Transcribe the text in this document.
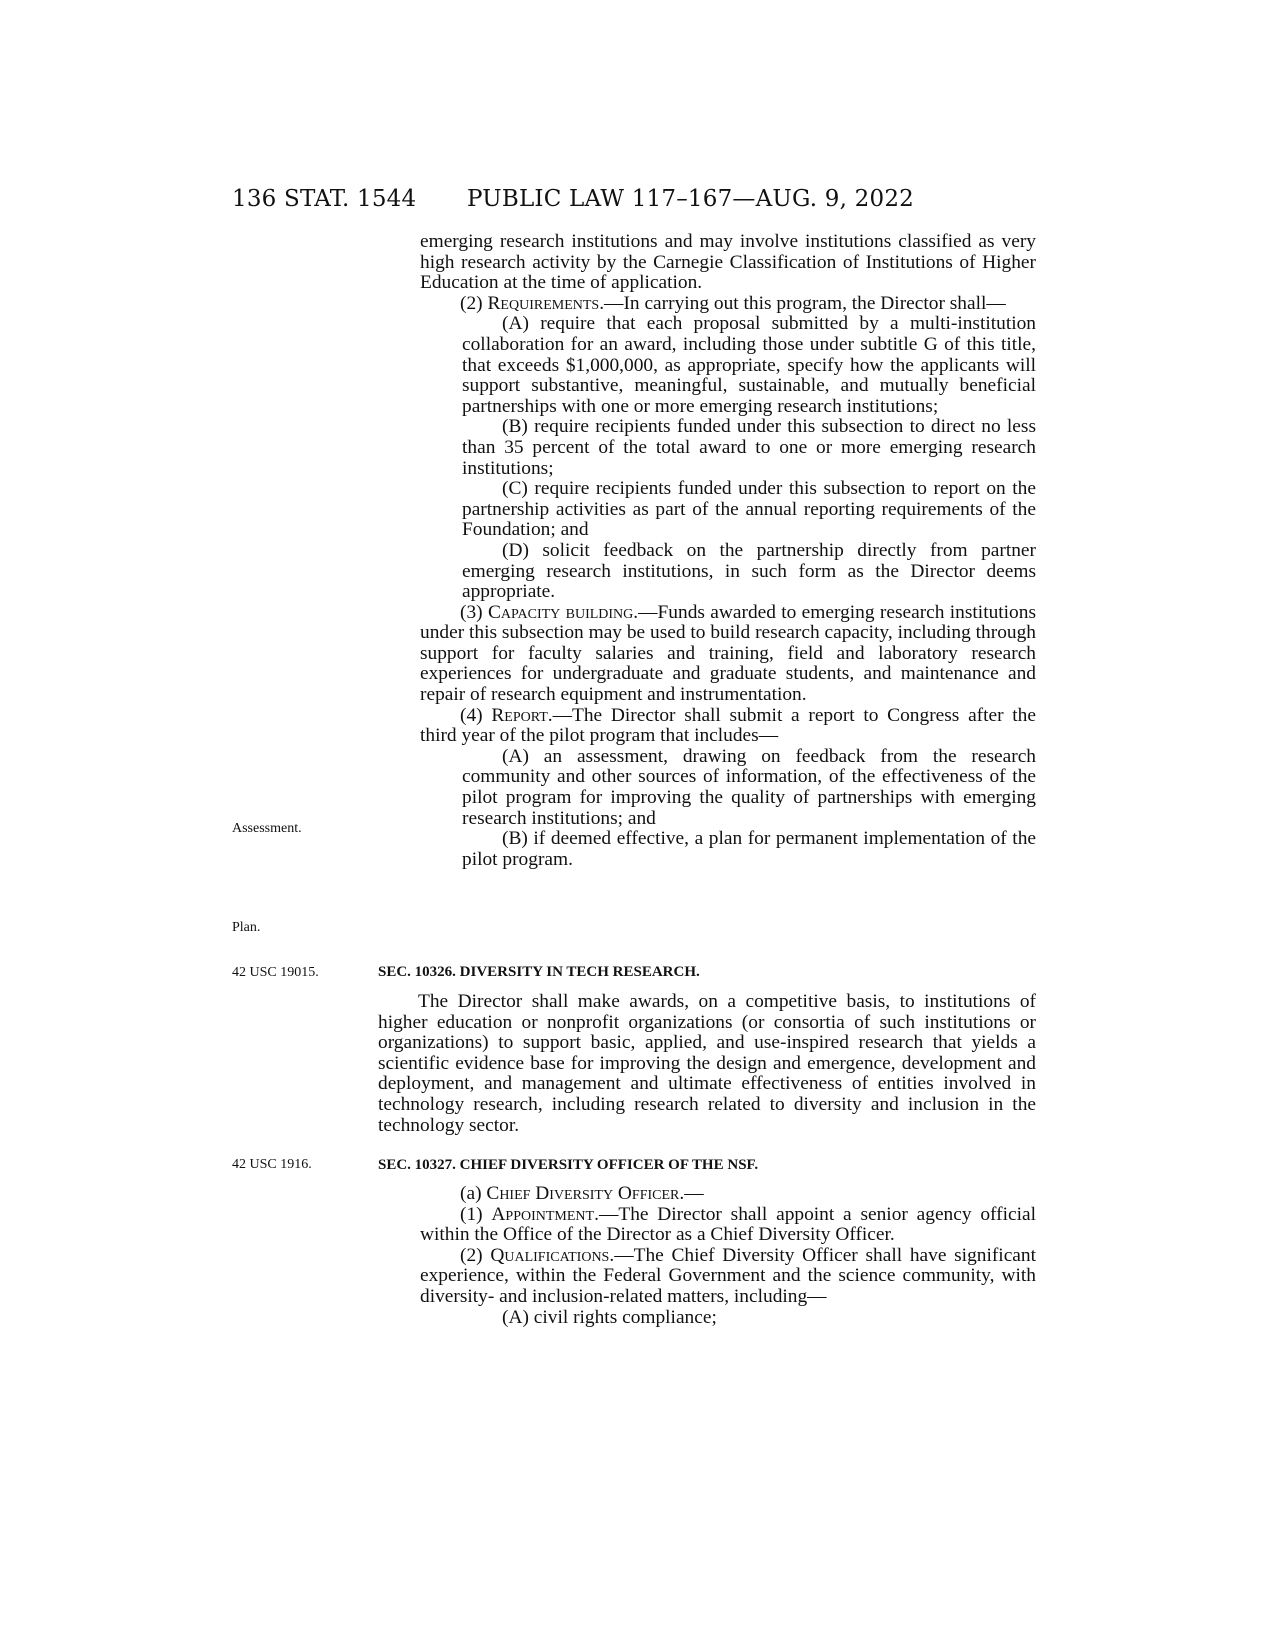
136 STAT. 1544 PUBLIC LAW 117–167—AUG. 9, 2022
Assessment.
Plan.
42 USC 19015.
42 USC 1916.

emerging research institutions and may involve institutions classified as very high research activity by the Carnegie Classification of Institutions of Higher Education at the time of application.

(2) Requirements.—In carrying out this program, the Director shall—

(A) require that each proposal submitted by a multi-institution collaboration for an award, including those under subtitle G of this title, that exceeds $1,000,000, as appropriate, specify how the applicants will support substantive, meaningful, sustainable, and mutually beneficial partnerships with one or more emerging research institutions;

(B) require recipients funded under this subsection to direct no less than 35 percent of the total award to one or more emerging research institutions;

(C) require recipients funded under this subsection to report on the partnership activities as part of the annual reporting requirements of the Foundation; and

(D) solicit feedback on the partnership directly from partner emerging research institutions, in such form as the Director deems appropriate.

(3) Capacity building.—Funds awarded to emerging research institutions under this subsection may be used to build research capacity, including through support for faculty salaries and training, field and laboratory research experiences for undergraduate and graduate students, and maintenance and repair of research equipment and instrumentation.

(4) Report.—The Director shall submit a report to Congress after the third year of the pilot program that includes—

(A) an assessment, drawing on feedback from the research community and other sources of information, of the effectiveness of the pilot program for improving the quality of partnerships with emerging research institutions; and

(B) if deemed effective, a plan for permanent implementation of the pilot program.

SEC. 10326. DIVERSITY IN TECH RESEARCH.

The Director shall make awards, on a competitive basis, to institutions of higher education or nonprofit organizations (or consortia of such institutions or organizations) to support basic, applied, and use-inspired research that yields a scientific evidence base for improving the design and emergence, development and deployment, and management and ultimate effectiveness of entities involved in technology research, including research related to diversity and inclusion in the technology sector.

SEC. 10327. CHIEF DIVERSITY OFFICER OF THE NSF.

(a) Chief Diversity Officer.—

(1) Appointment.—The Director shall appoint a senior agency official within the Office of the Director as a Chief Diversity Officer.

(2) Qualifications.—The Chief Diversity Officer shall have significant experience, within the Federal Government and the science community, with diversity- and inclusion-related matters, including—

(A) civil rights compliance;
